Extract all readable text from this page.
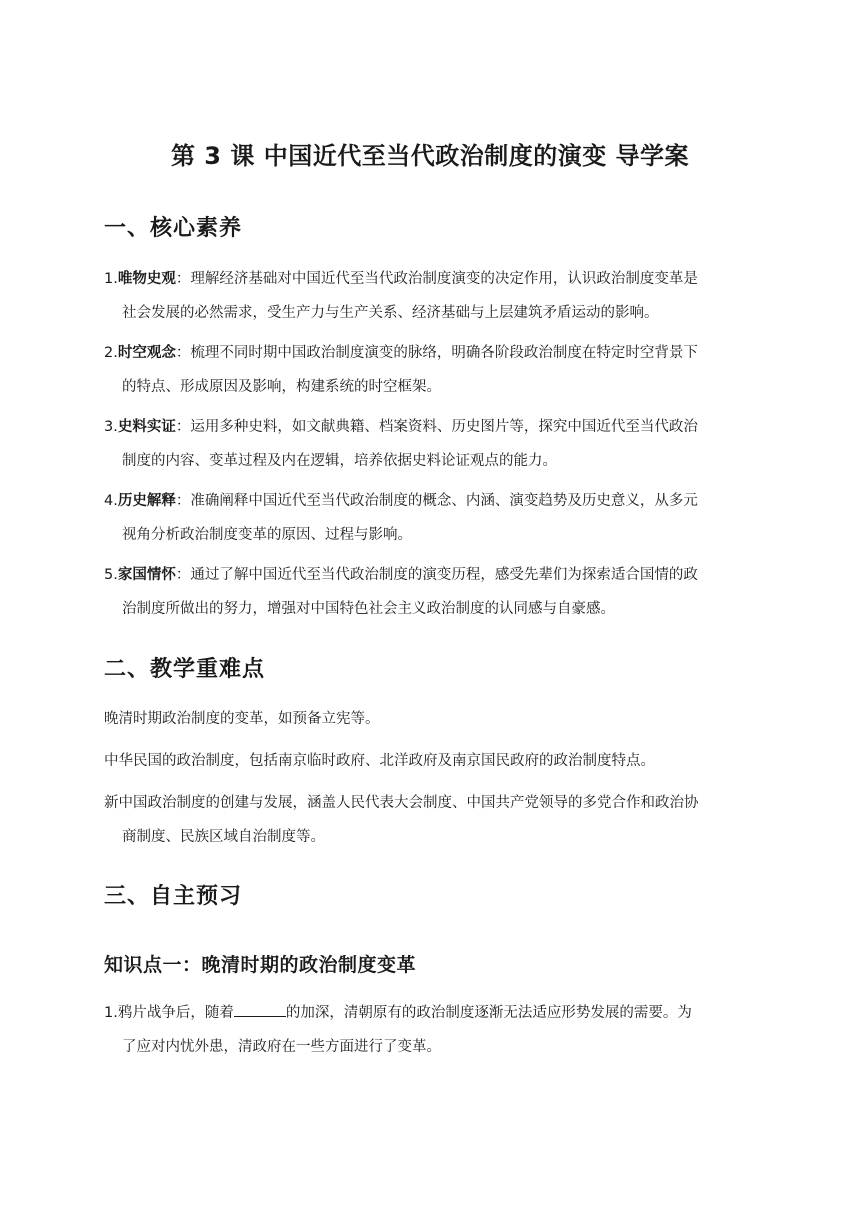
第 3 课 中国近代至当代政治制度的演变 导学案
一、核心素养
1.唯物史观：理解经济基础对中国近代至当代政治制度演变的决定作用，认识政治制度变革是
社会发展的必然需求，受生产力与生产关系、经济基础与上层建筑矛盾运动的影响。
2.时空观念：梳理不同时期中国政治制度演变的脉络，明确各阶段政治制度在特定时空背景下
的特点、形成原因及影响，构建系统的时空框架。
3.史料实证：运用多种史料，如文献典籍、档案资料、历史图片等，探究中国近代至当代政治
制度的内容、变革过程及内在逻辑，培养依据史料论证观点的能力。
4.历史解释：准确阐释中国近代至当代政治制度的概念、内涵、演变趋势及历史意义，从多元
视角分析政治制度变革的原因、过程与影响。
5.家国情怀：通过了解中国近代至当代政治制度的演变历程，感受先辈们为探索适合国情的政
治制度所做出的努力，增强对中国特色社会主义政治制度的认同感与自豪感。
二、教学重难点
晚清时期政治制度的变革，如预备立宪等。
中华民国的政治制度，包括南京临时政府、北洋政府及南京国民政府的政治制度特点。
新中国政治制度的创建与发展，涵盖人民代表大会制度、中国共产党领导的多党合作和政治协
商制度、民族区域自治制度等。
三、自主预习
知识点一：晚清时期的政治制度变革
1.鸦片战争后，随着	的加深，清朝原有的政治制度逐渐无法适应形势发展的需要。为
了应对内忧外患，清政府在一些方面进行了变革。
